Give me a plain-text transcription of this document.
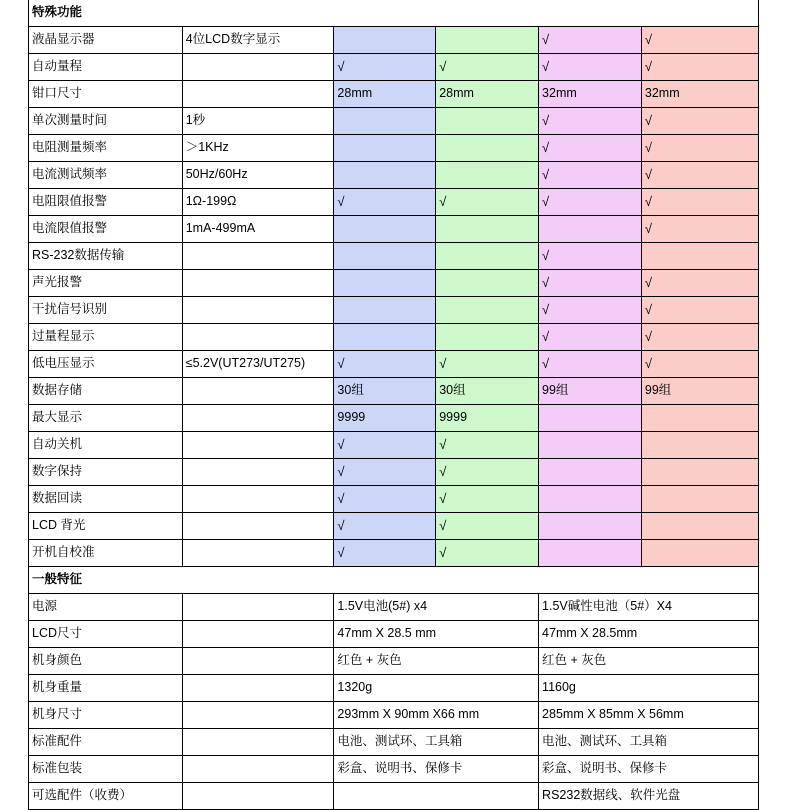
特殊功能					
液晶显示器	4位LCD数字显示			√	√
自动量程		√	√	√	√
钳口尺寸		28mm	28mm	32mm	32mm
单次测量时间	1秒			√	√
电阻测量频率	＞1KHz			√	√
电流测试频率	50Hz/60Hz			√	√
电阻限值报警	1Ω-199Ω	√	√	√	√
电流限值报警	1mA-499mA				√
RS-232数据传输				√	
声光报警				√	√
干扰信号识别				√	√
过量程显示				√	√
低电压显示	≤5.2V(UT273/UT275)	√	√	√	√
数据存储		30组	30组	99组	99组
最大显示		9999	9999		
自动关机		√	√		
数字保持		√	√		
数据回读		√	√		
LCD 背光		√	√		
开机自校准		√	√		
一般特征					
电源		1.5V电池(5#) x4		1.5V碱性电池（5#）X4	
LCD尺寸		47mm X 28.5 mm		47mm X 28.5mm	
机身颜色		红色 + 灰色		红色 + 灰色	
机身重量		1320g		1160g	
机身尺寸		293mm X 90mm X66 mm		285mm X 85mm X 56mm	
标准配件		电池、测试环、工具箱		电池、测试环、工具箱	
标准包装		彩盒、说明书、保修卡		彩盒、说明书、保修卡	
可选配件（收费）				RS232数据线、软件光盘	
